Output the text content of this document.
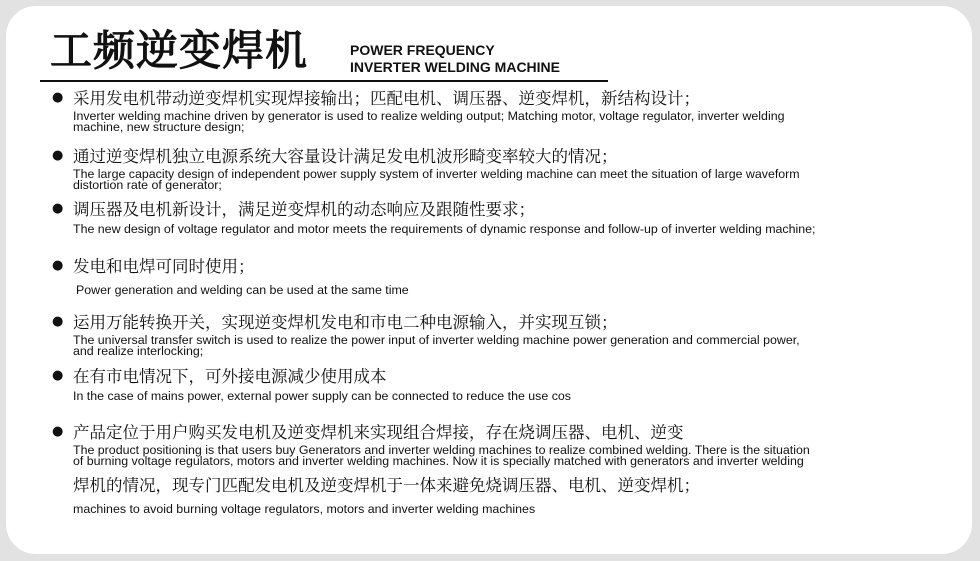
工频逆变焊机	POWER FREQUENCY
INVERTER WELDING MACHINE
● 采用发电机带动逆变焊机实现焊接输出；匹配电机、调压器、逆变焊机，新结构设计；
Inverter welding machine driven by generator is used to realize welding output; Matching motor, voltage regulator, inverter welding
machine, new structure design;
● 通过逆变焊机独立电源系统大容量设计满足发电机波形畸变率较大的情况；
The large capacity design of independent power supply system of inverter welding machine can meet the situation of large waveform
distortion rate of generator;
● 调压器及电机新设计，满足逆变焊机的动态响应及跟随性要求；
The new design of voltage regulator and motor meets the requirements of dynamic response and follow-up of inverter welding machine;
● 发电和电焊可同时使用；
Power generation and welding can be used at the same time
● 运用万能转换开关，实现逆变焊机发电和市电二种电源输入，并实现互锁；
The universal transfer switch is used to realize the power input of inverter welding machine power generation and commercial power,
and realize interlocking;
● 在有市电情况下，可外接电源减少使用成本
In the case of mains power, external power supply can be connected to reduce the use cos
● 产品定位于用户购买发电机及逆变焊机来实现组合焊接，存在烧调压器、电机、逆变
The product positioning is that users buy Generators and inverter welding machines to realize combined welding. There is the situation
of burning voltage regulators, motors and inverter welding machines. Now it is specially matched with generators and inverter welding
焊机的情况，现专门匹配发电机及逆变焊机于一体来避免烧调压器、电机、逆变焊机；
machines to avoid burning voltage regulators, motors and inverter welding machines
